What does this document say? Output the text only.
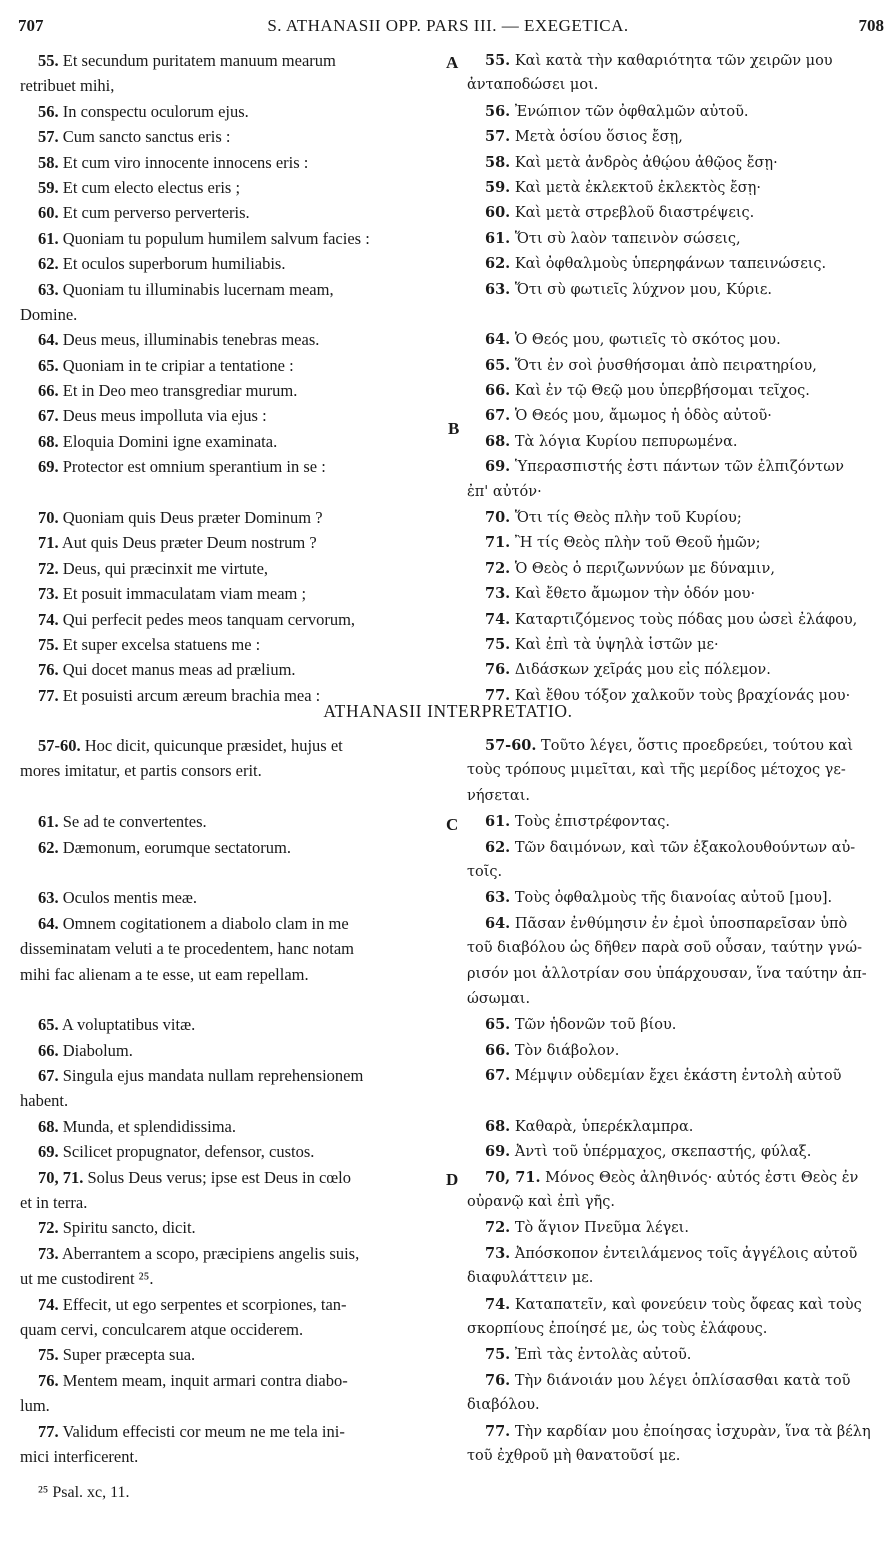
707	S. ATHANASII OPP. PARS III. — EXEGETICA.	708
55. Et secundum puritatem manuum mearum
retribuet mihi,
56. In conspectu oculorum ejus.
57. Cum sancto sanctus eris :
58. Et cum viro innocente innocens eris :
59. Et cum electo electus eris ;
60. Et cum perverso perverteris.
61. Quoniam tu populum humilem salvum facies :
62. Et oculos superborum humiliabis.
63. Quoniam tu illuminabis lucernam meam,
Domine.
64. Deus meus, illuminabis tenebras meas.
65. Quoniam in te cripiar a tentatione :
66. Et in Deo meo transgrediar murum.
67. Deus meus impolluta via ejus :
68. Eloquia Domini igne examinata.
69. Protector est omnium sperantium in se :
70. Quoniam quis Deus præter Dominum ?
71. Aut quis Deus præter Deum nostrum ?
72. Deus, qui præcinxit me virtute,
73. Et posuit immaculatam viam meam ;
74. Qui perfecit pedes meos tanquam cervorum,
75. Et super excelsa statuens me :
76. Qui docet manus meas ad prælium.
77. Et posuisti arcum æreum brachia mea :
55. Καὶ κατὰ τὴν καθαριότητα τῶν χειρῶν μου
ἀνταποδώσει μοι.
56. Ἐνώπιον τῶν ὀφθαλμῶν αὐτοῦ.
57. Μετὰ ὁσίου ὅσιος ἔσῃ,
58. Καὶ μετὰ ἀνδρὸς ἀθῴου ἀθῷος ἔσῃ·
59. Καὶ μετὰ ἐκλεκτοῦ ἐκλεκτὸς ἔσῃ·
60. Καὶ μετὰ στρεβλοῦ διαστρέψεις.
61. Ὅτι σὺ λαὸν ταπεινὸν σώσεις,
62. Καὶ ὀφθαλμοὺς ὑπερηφάνων ταπεινώσεις.
63. Ὅτι σὺ φωτιεῖς λύχνον μου, Κύριε.
64. Ὁ Θεός μου, φωτιεῖς τὸ σκότος μου.
65. Ὅτι ἐν σοὶ ῥυσθήσομαι ἀπὸ πειρατηρίου,
66. Καὶ ἐν τῷ Θεῷ μου ὑπερβήσομαι τεῖχος.
67. Ὁ Θεός μου, ἄμωμος ἡ ὁδὸς αὐτοῦ·
68. Τὰ λόγια Κυρίου πεπυρωμένα.
69. Ὑπερασπιστής ἐστι πάντων τῶν ἐλπιζόντων
ἐπ' αὐτόν·
70. Ὅτι τίς Θεὸς πλὴν τοῦ Κυρίου;
71. Ἢ τίς Θεὸς πλὴν τοῦ Θεοῦ ἡμῶν;
72. Ὁ Θεὸς ὁ περιζωννύων με δύναμιν,
73. Καὶ ἔθετο ἄμωμον τὴν ὁδόν μου·
74. Καταρτιζόμενος τοὺς πόδας μου ὡσεὶ ἐλάφου,
75. Καὶ ἐπὶ τὰ ὑψηλὰ ἱστῶν με·
76. Διδάσκων χεῖράς μου εἰς πόλεμον.
77. Καὶ ἔθου τόξον χαλκοῦν τοὺς βραχίονάς μου·
A
B
C
D
ATHANASII INTERPRETATIO.
57-60. Hoc dicit, quicunque præsidet, hujus et
mores imitatur, et partis consors erit.
61. Se ad te convertentes.
62. Dæmonum, eorumque sectatorum.
63. Oculos mentis meæ.
64. Omnem cogitationem a diabolo clam in me
disseminatam veluti a te procedentem, hanc notam
mihi fac alienam a te esse, ut eam repellam.
65. A voluptatibus vitæ.
66. Diabolum.
67. Singula ejus mandata nullam reprehensionem
habent.
68. Munda, et splendidissima.
69. Scilicet propugnator, defensor, custos.
70, 71. Solus Deus verus; ipse est Deus in cœlo
et in terra.
72. Spiritu sancto, dicit.
73. Aberrantem a scopo, præcipiens angelis suis,
ut me custodirent ²⁵.
74. Effecit, ut ego serpentes et scorpiones, tan-
quam cervi, conculcarem atque occiderem.
75. Super præcepta sua.
76. Mentem meam, inquit armari contra diabo-
lum.
77. Validum effecisti cor meum ne me tela ini-
mici interficerent.
57-60. Τοῦτο λέγει, ὅστις προεδρεύει, τούτου καὶ
τοὺς τρόπους μιμεῖται, καὶ τῆς μερίδος μέτοχος γε-
νήσεται.
61. Τοὺς ἐπιστρέφοντας.
62. Τῶν δαιμόνων, καὶ τῶν ἐξακολουθούντων αὐ-
τοῖς.
63. Τοὺς ὀφθαλμοὺς τῆς διανοίας αὐτοῦ [μου].
64. Πᾶσαν ἐνθύμησιν ἐν ἐμοὶ ὑποσπαρεῖσαν ὑπὸ
τοῦ διαβόλου ὡς δῆθεν παρὰ σοῦ οὖσαν, ταύτην γνώ-
ρισόν μοι ἀλλοτρίαν σου ὑπάρχουσαν, ἵνα ταύτην ἀπ-
ώσωμαι.
65. Τῶν ἡδονῶν τοῦ βίου.
66. Τὸν διάβολον.
67. Μέμψιν οὐδεμίαν ἔχει ἑκάστη ἐντολὴ αὐτοῦ
68. Καθαρὰ, ὑπερέκλαμπρα.
69. Ἀντὶ τοῦ ὑπέρμαχος, σκεπαστής, φύλαξ.
70, 71. Μόνος Θεὸς ἀληθινός· αὐτός ἐστι Θεὸς ἐν
οὐρανῷ καὶ ἐπὶ γῆς.
72. Τὸ ἅγιον Πνεῦμα λέγει.
73. Ἀπόσκοπον ἐντειλάμενος τοῖς ἀγγέλοις αὐτοῦ
διαφυλάττειν με.
74. Καταπατεῖν, καὶ φονεύειν τοὺς ὄφεας καὶ τοὺς
σκορπίους ἐποίησέ με, ὡς τοὺς ἐλάφους.
75. Ἐπὶ τὰς ἐντολὰς αὐτοῦ.
76. Τὴν διάνοιάν μου λέγει ὁπλίσασθαι κατὰ τοῦ
διαβόλου.
77. Τὴν καρδίαν μου ἐποίησας ἰσχυρὰν, ἵνα τὰ βέλη
τοῦ ἐχθροῦ μὴ θανατοῦσί με.
²⁵ Psal. xc, 11.
